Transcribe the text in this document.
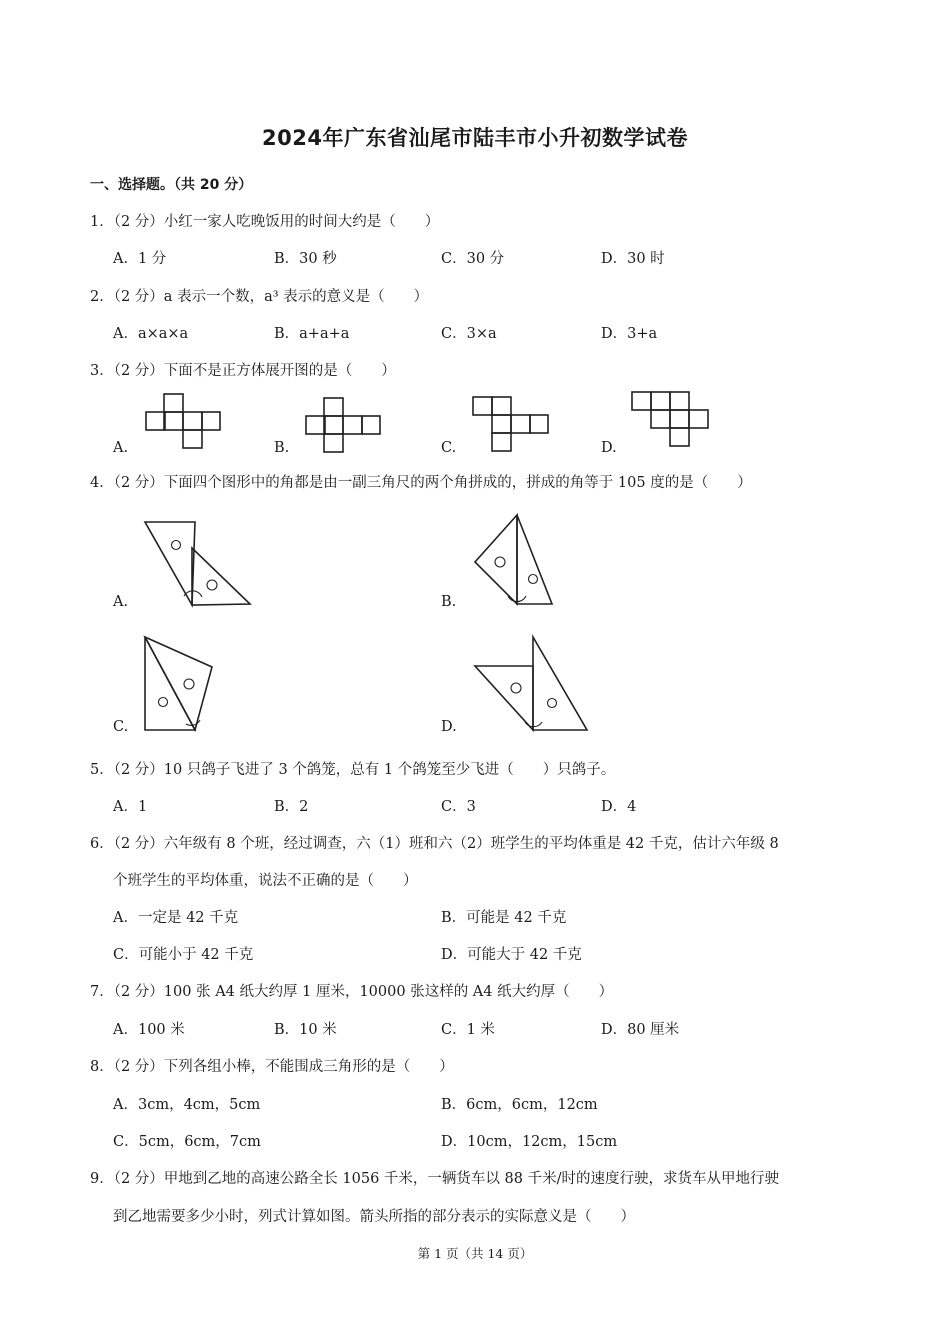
2024年广东省汕尾市陆丰市小升初数学试卷
一、选择题。（共 20 分）
1．（2 分）小红一家人吃晚饭用的时间大约是（　　）
A．1 分	B．30 秒	C．30 分	D．30 时
2．（2 分）a 表示一个数，a³ 表示的意义是（　　）
A．a×a×a	B．a+a+a	C．3×a	D．3+a
3．（2 分）下面不是正方体展开图的是（　　）
A.	B.	C.	D.
4．（2 分）下面四个图形中的角都是由一副三角尺的两个角拼成的，拼成的角等于 105 度的是（　　）
A.	B.
C.	D.
5．（2 分）10 只鸽子飞进了 3 个鸽笼，总有 1 个鸽笼至少飞进（　　）只鸽子。
A．1	B．2	C．3	D．4
6．（2 分）六年级有 8 个班，经过调查，六（1）班和六（2）班学生的平均体重是 42 千克，估计六年级 8
个班学生的平均体重，说法不正确的是（　　）
A．一定是 42 千克	B．可能是 42 千克
C．可能小于 42 千克	D．可能大于 42 千克
7．（2 分）100 张 A4 纸大约厚 1 厘米，10000 张这样的 A4 纸大约厚（　　）
A．100 米	B．10 米	C．1 米	D．80 厘米
8．（2 分）下列各组小棒，不能围成三角形的是（　　）
A．3cm，4cm，5cm	B．6cm，6cm，12cm
C．5cm，6cm，7cm	D．10cm，12cm，15cm
9．（2 分）甲地到乙地的高速公路全长 1056 千米，一辆货车以 88 千米/时的速度行驶，求货车从甲地行驶
到乙地需要多少小时，列式计算如图。箭头所指的部分表示的实际意义是（　　）
第 1 页（共 14 页）
